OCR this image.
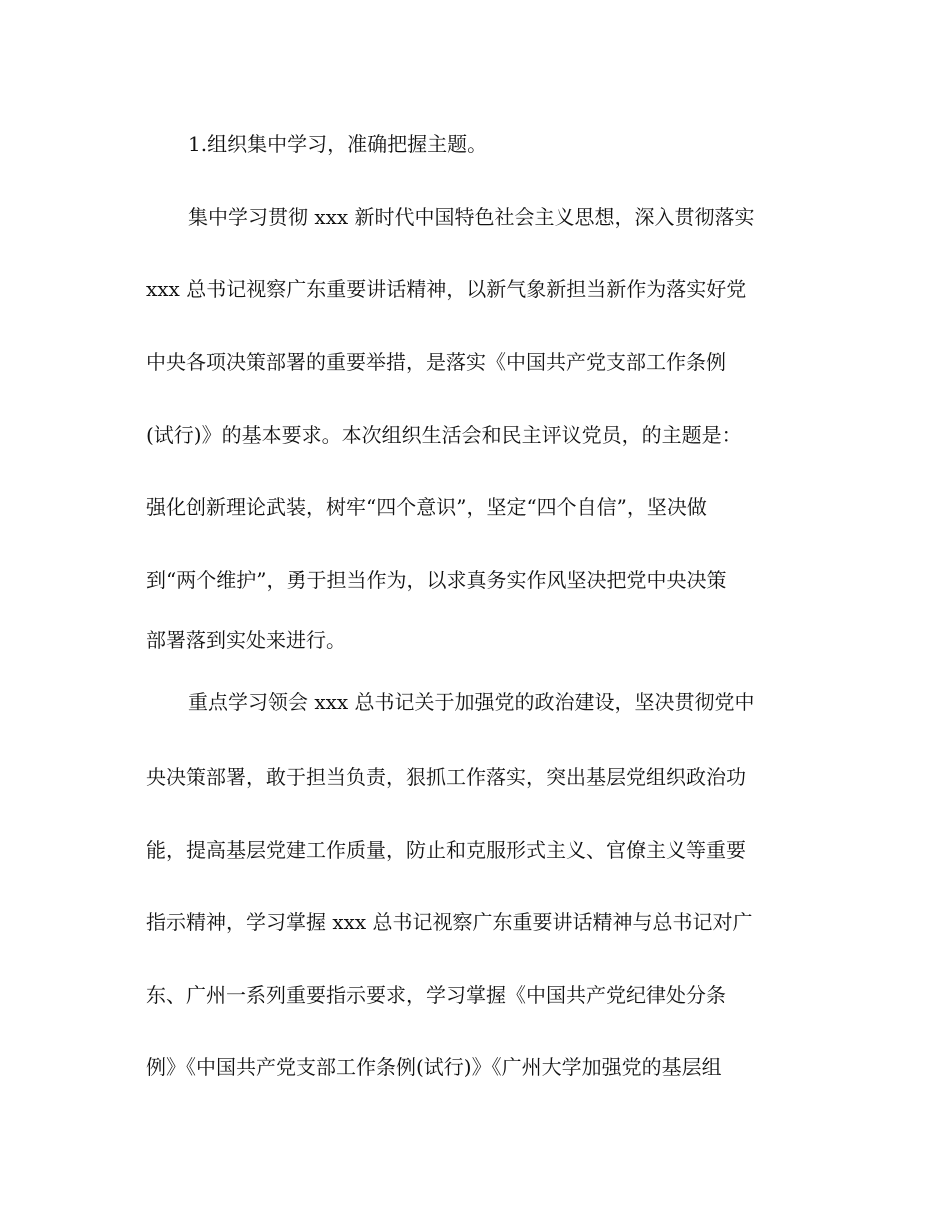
1.组织集中学习，准确把握主题。
集中学习贯彻 xxx 新时代中国特色社会主义思想，深入贯彻落实
xxx 总书记视察广东重要讲话精神，以新气象新担当新作为落实好党
中央各项决策部署的重要举措，是落实《中国共产党支部工作条例
(试行)》的基本要求。本次组织生活会和民主评议党员，的主题是：
强化创新理论武装，树牢“四个意识”，坚定“四个自信”，坚决做
到“两个维护”，勇于担当作为，以求真务实作风坚决把党中央决策
部署落到实处来进行。
重点学习领会 xxx 总书记关于加强党的政治建设，坚决贯彻党中
央决策部署，敢于担当负责，狠抓工作落实，突出基层党组织政治功
能，提高基层党建工作质量，防止和克服形式主义、官僚主义等重要
指示精神，学习掌握 xxx 总书记视察广东重要讲话精神与总书记对广
东、广州一系列重要指示要求，学习掌握《中国共产党纪律处分条
例》《中国共产党支部工作条例(试行)》《广州大学加强党的基层组
